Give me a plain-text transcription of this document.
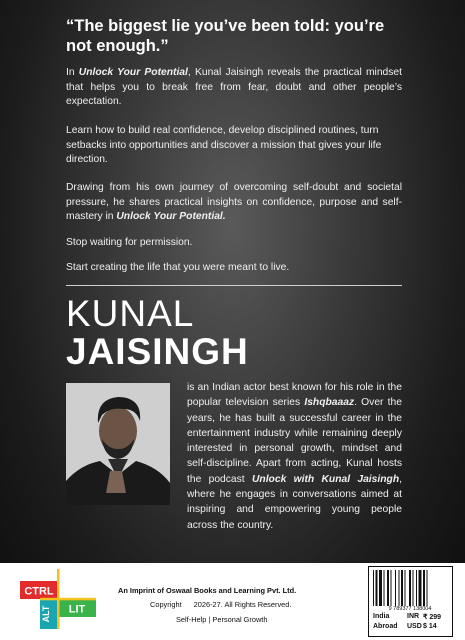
“The biggest lie you’ve been told: you’re not enough.”

In Unlock Your Potential, Kunal Jaisingh reveals the practical mindset that helps you to break free from fear, doubt and other people’s expectation.

Learn how to build real confidence, develop disciplined routines, turn setbacks into opportunities and discover a mission that gives your life direction.

Drawing from his own journey of overcoming self-doubt and societal pressure, he shares practical insights on confidence, purpose and self-mastery in Unlock Your Potential.

Stop waiting for permission.

Start creating the life that you were meant to live.

KUNAL
JAISINGH

is an Indian actor best known for his role in the popular television series Ishqbaaaz. Over the years, he has built a successful career in the entertainment industry while remaining deeply interested in personal growth, mindset and self-discipline. Apart from acting, Kunal hosts the podcast Unlock with Kunal Jaisingh, where he engages in conversations aimed at inspiring and empowering young people across the country.

CTRL
LIT
ALT

An Imprint of Oswaal Books and Learning Pvt. Ltd.

Copyright 2026-27. All Rights Reserved.

Self-Help | Personal Growth

9 789377 138004
India	INR ₹ 299
Abroad USD $ 14
